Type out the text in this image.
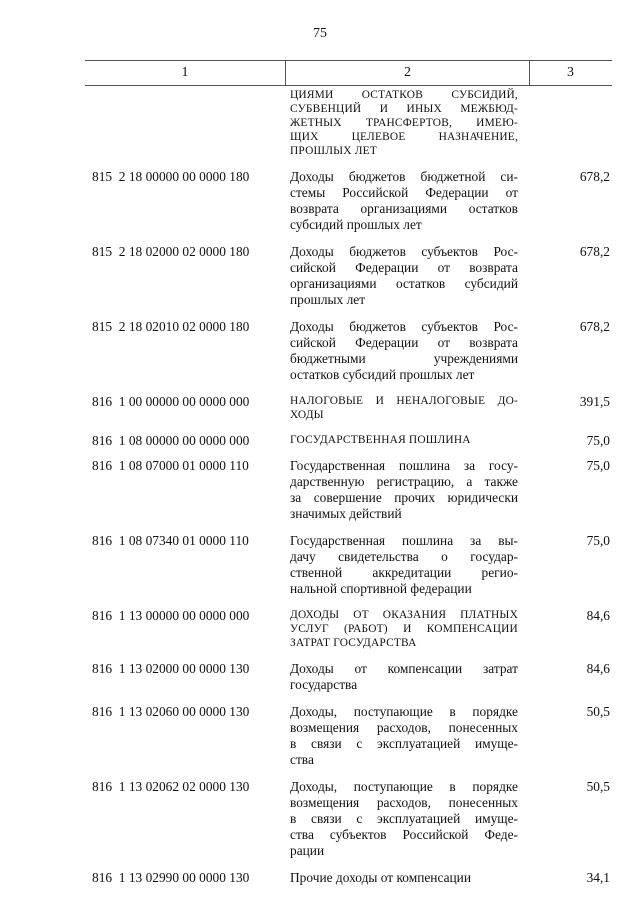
75
1	2	3
ЦИЯМИ ОСТАТКОВ СУБСИДИЙ,
СУБВЕНЦИЙ И ИНЫХ МЕЖБЮД-
ЖЕТНЫХ ТРАНСФЕРТОВ, ИМЕЮ-
ЩИХ ЦЕЛЕВОЕ НАЗНАЧЕНИЕ,
ПРОШЛЫХ ЛЕТ
815  2 18 00000 00 0000 180	Доходы бюджетов бюджетной си-
стемы Российской Федерации от
возврата организациями остатков
субсидий прошлых лет
678,2
815  2 18 02000 02 0000 180	Доходы бюджетов субъектов Рос-
сийской Федерации от возврата
организациями остатков субсидий
прошлых лет
678,2
815  2 18 02010 02 0000 180	Доходы бюджетов субъектов Рос-
сийской Федерации от возврата
бюджетными учреждениями
остатков субсидий прошлых лет
678,2
816  1 00 00000 00 0000 000	НАЛОГОВЫЕ И НЕНАЛОГОВЫЕ ДО-
ХОДЫ
391,5
816  1 08 00000 00 0000 000	ГОСУДАРСТВЕННАЯ ПОШЛИНА	75,0
816  1 08 07000 01 0000 110	Государственная пошлина за госу-
дарственную регистрацию, а также
за совершение прочих юридически
значимых действий
75,0
816  1 08 07340 01 0000 110	Государственная пошлина за вы-
дачу свидетельства о государ-
ственной аккредитации регио-
нальной спортивной федерации
75,0
816  1 13 00000 00 0000 000	ДОХОДЫ ОТ ОКАЗАНИЯ ПЛАТНЫХ
УСЛУГ (РАБОТ) И КОМПЕНСАЦИИ
ЗАТРАТ ГОСУДАРСТВА
84,6
816  1 13 02000 00 0000 130	Доходы от компенсации затрат
государства
84,6
816  1 13 02060 00 0000 130	Доходы, поступающие в порядке
возмещения расходов, понесенных
в связи с эксплуатацией имуще-
ства
50,5
816  1 13 02062 02 0000 130	Доходы, поступающие в порядке
возмещения расходов, понесенных
в связи с эксплуатацией имуще-
ства субъектов Российской Феде-
рации
50,5
816  1 13 02990 00 0000 130	Прочие доходы от компенсации	34,1
